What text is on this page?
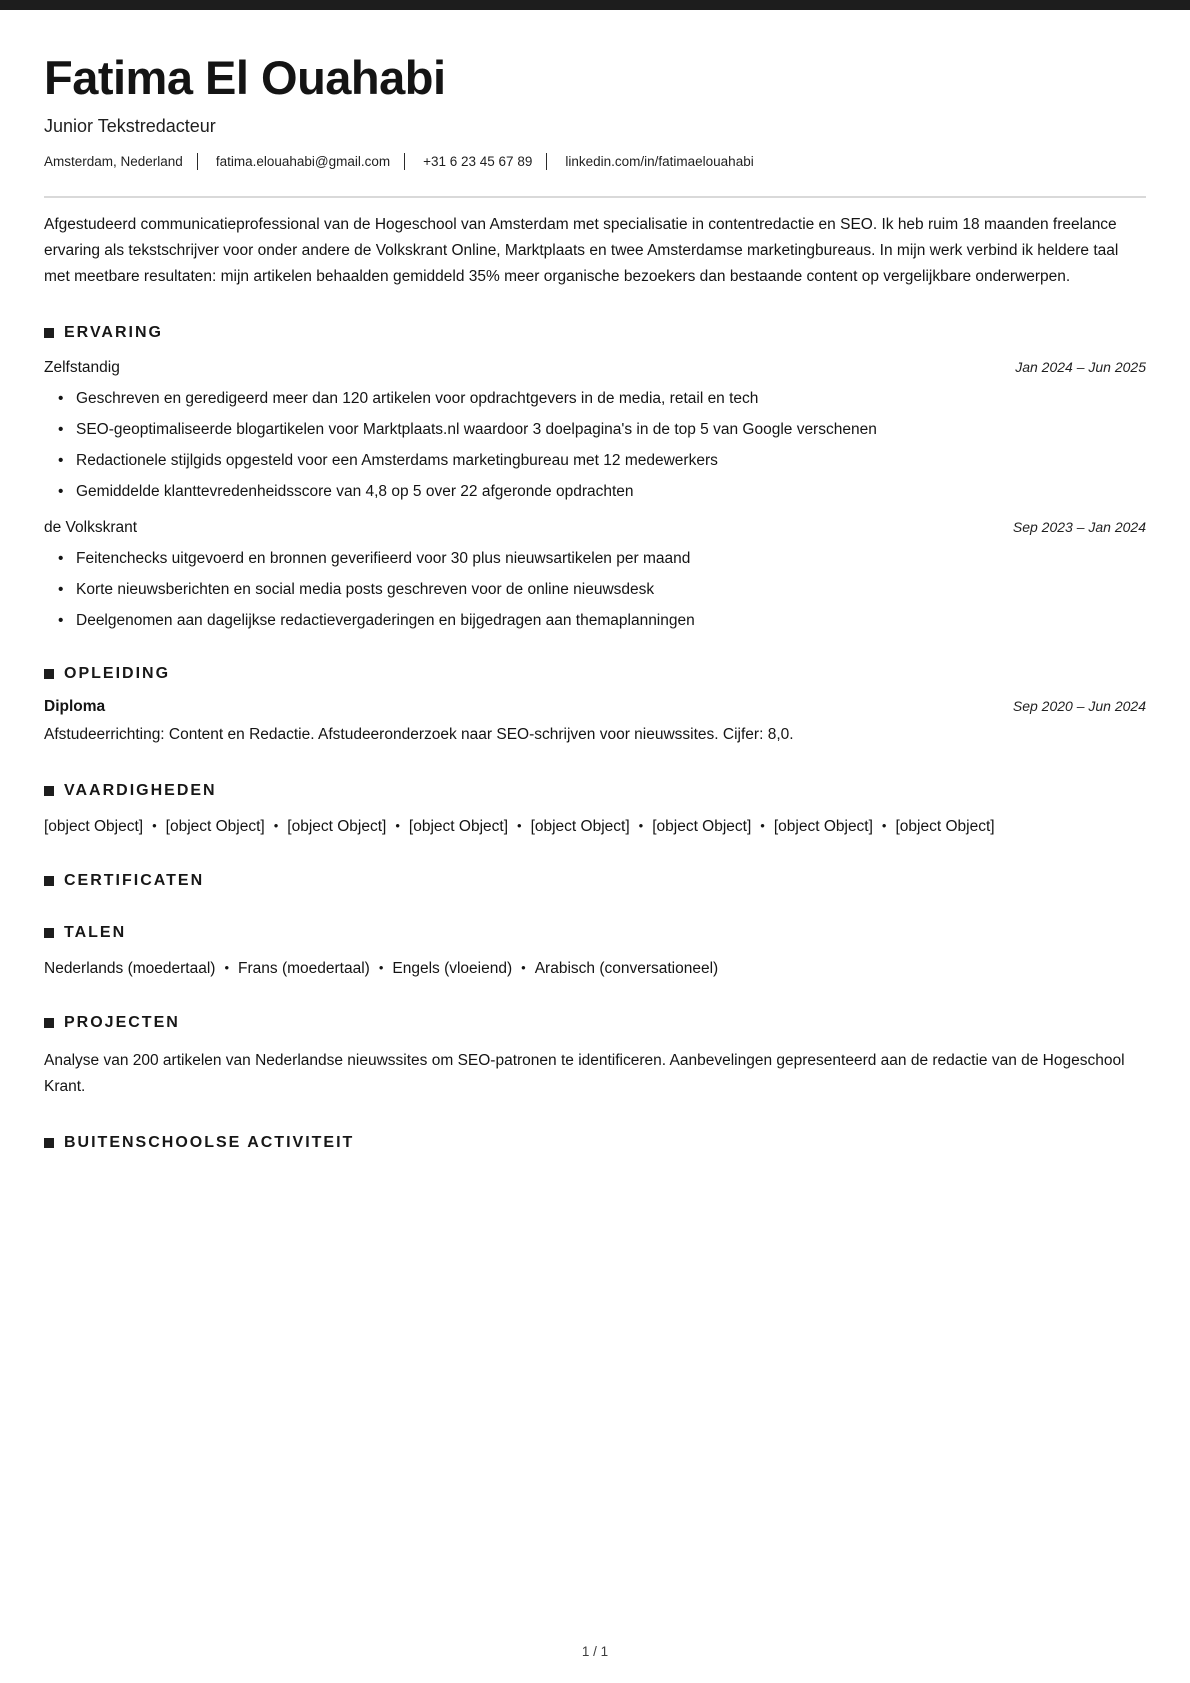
Fatima El Ouahabi
Junior Tekstredacteur
Amsterdam, Nederland fatima.elouahabi@gmail.com +31 6 23 45 67 89 linkedin.com/in/fatimaelouahabi

Afgestudeerd communicatieprofessional van de Hogeschool van Amsterdam met specialisatie in contentredactie en SEO. Ik heb ruim 18 maanden freelance ervaring als tekstschrijver voor onder andere de Volkskrant Online, Marktplaats en twee Amsterdamse marketingbureaus. In mijn werk verbind ik heldere taal met meetbare resultaten: mijn artikelen behaalden gemiddeld 35% meer organische bezoekers dan bestaande content op vergelijkbare onderwerpen.

ERVARING
Zelfstandig	Jan 2024 – Jun 2025
• Geschreven en geredigeerd meer dan 120 artikelen voor opdrachtgevers in de media, retail en tech
• SEO-geoptimaliseerde blogartikelen voor Marktplaats.nl waardoor 3 doelpagina's in de top 5 van Google verschenen
• Redactionele stijlgids opgesteld voor een Amsterdams marketingbureau met 12 medewerkers
• Gemiddelde klanttevredenheidsscore van 4,8 op 5 over 22 afgeronde opdrachten
de Volkskrant	Sep 2023 – Jan 2024
• Feitenchecks uitgevoerd en bronnen geverifieerd voor 30 plus nieuwsartikelen per maand
• Korte nieuwsberichten en social media posts geschreven voor de online nieuwsdesk
• Deelgenomen aan dagelijkse redactievergaderingen en bijgedragen aan themaplanningen
OPLEIDING
Diploma	Sep 2020 – Jun 2024
Afstudeerrichting: Content en Redactie. Afstudeeronderzoek naar SEO-schrijven voor nieuwssites. Cijfer: 8,0.
VAARDIGHEDEN
[object Object] • [object Object] • [object Object] • [object Object] • [object Object] • [object Object] • [object Object] • [object Object]
CERTIFICATEN
TALEN
Nederlands (moedertaal) • Frans (moedertaal) • Engels (vloeiend) • Arabisch (conversationeel)
PROJECTEN

Analyse van 200 artikelen van Nederlandse nieuwssites om SEO-patronen te identificeren. Aanbevelingen gepresenteerd aan de redactie van de Hogeschool Krant.

BUITENSCHOOLSE ACTIVITEIT
1 / 1
